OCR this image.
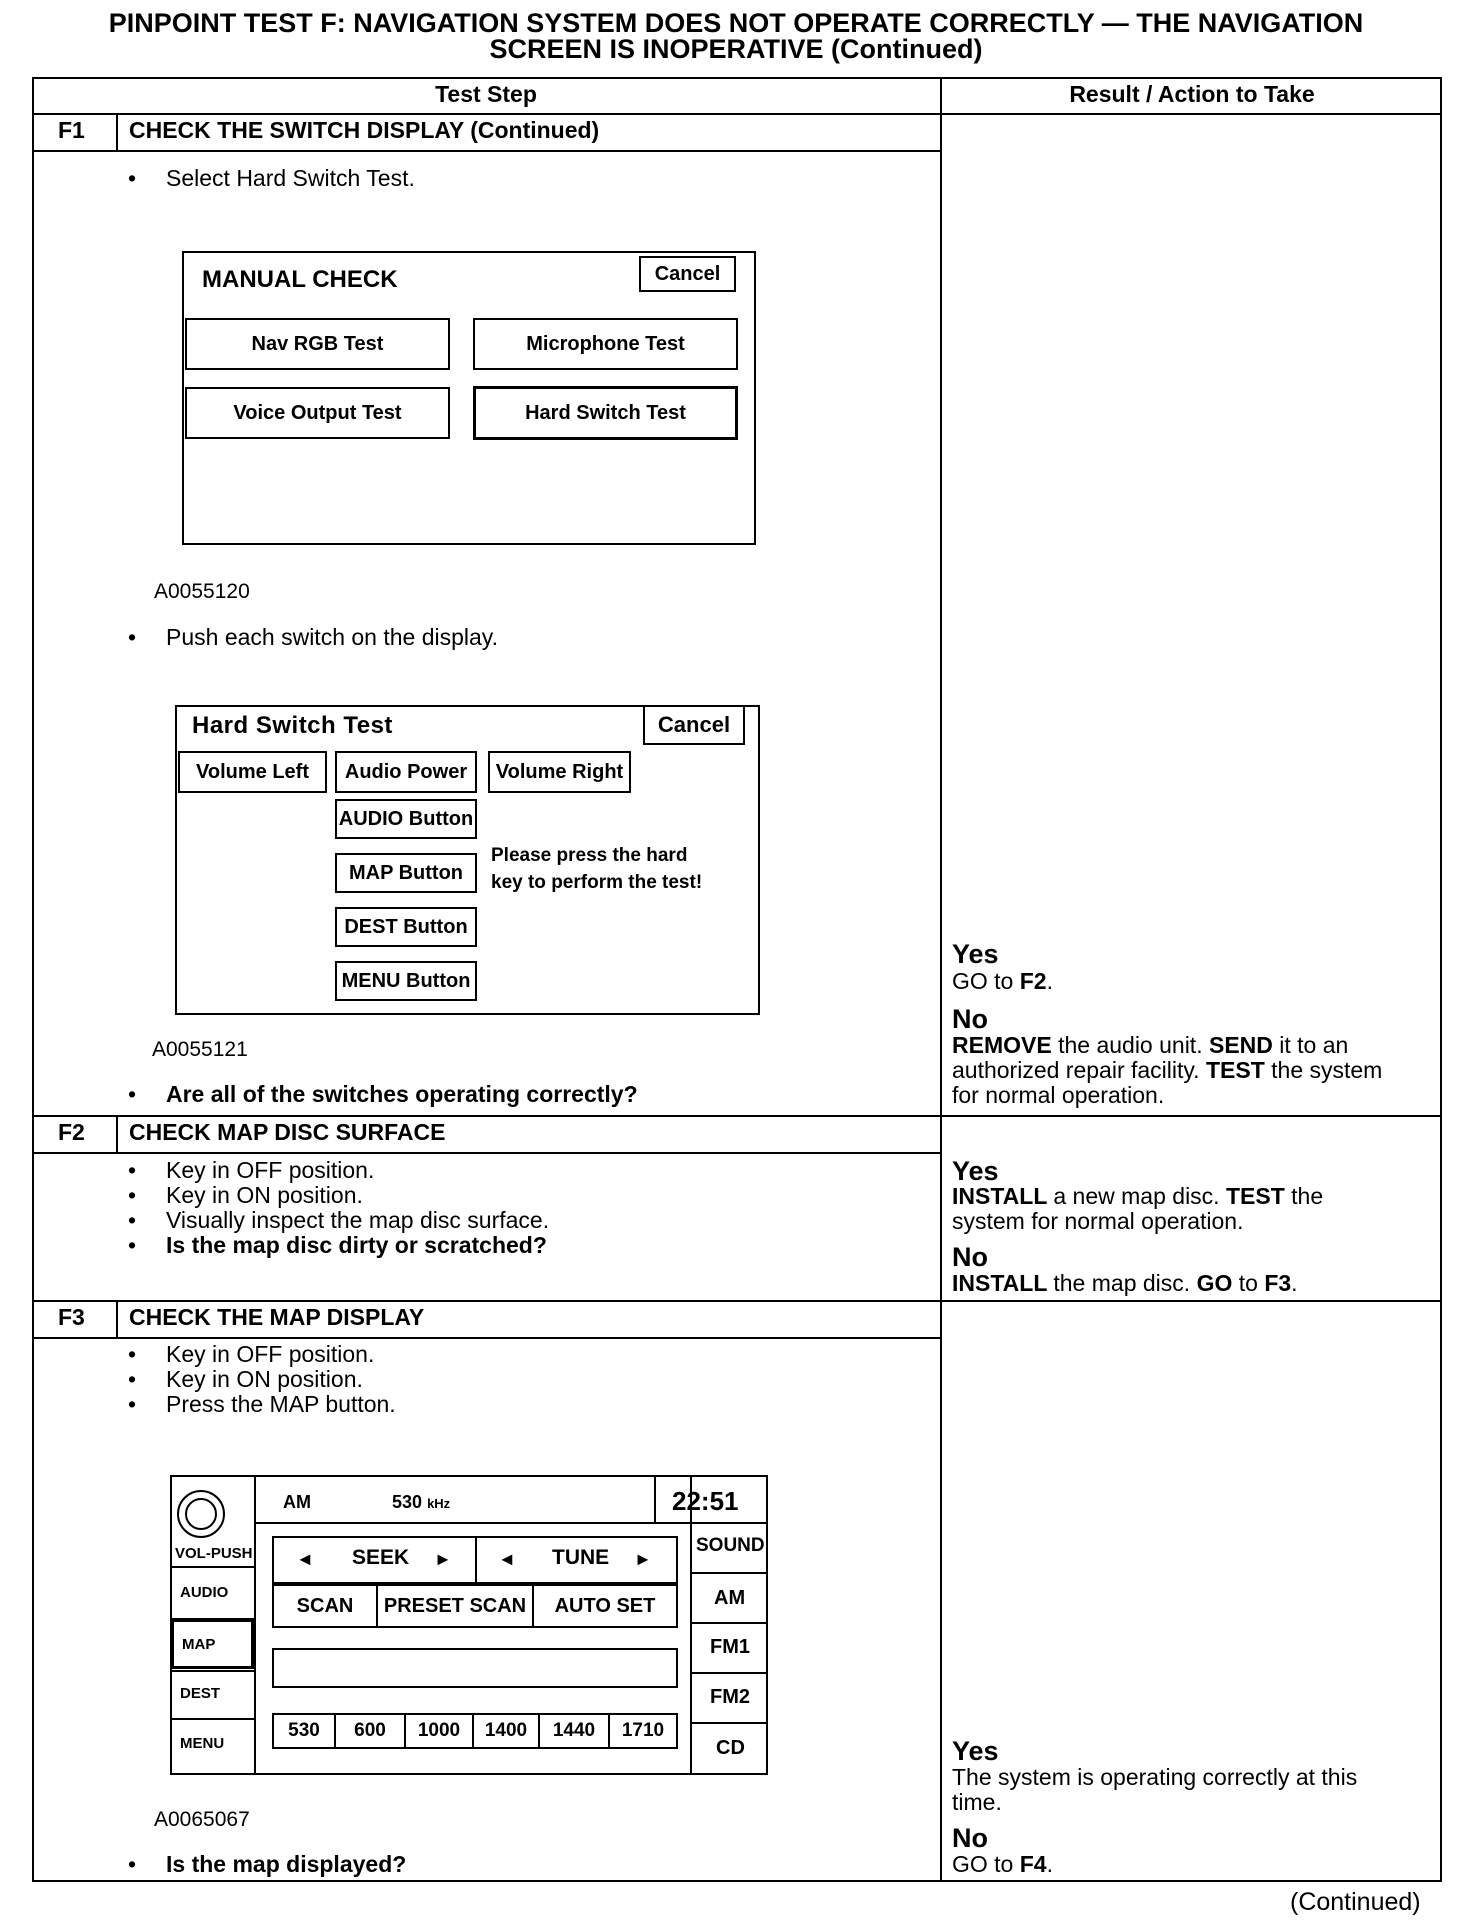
PINPOINT TEST F: NAVIGATION SYSTEM DOES NOT OPERATE CORRECTLY — THE NAVIGATION
SCREEN IS INOPERATIVE (Continued)
Test Step	Result / Action to Take
F1 CHECK THE SWITCH DISPLAY (Continued)
• Select Hard Switch Test.
MANUAL CHECK	Cancel
Nav RGB Test	Microphone Test
Voice Output Test	Hard Switch Test
A0055120
• Push each switch on the display.
Hard Switch Test	Cancel
Volume Left	Audio Power	Volume Right
AUDIO Button
MAP Button
DEST Button
MENU Button
Please press the hard
key to perform the test!
A0055121
• Are all of the switches operating correctly?
Yes
GO to F2.
No
REMOVE the audio unit. SEND it to an
authorized repair facility. TEST the system
for normal operation.
F2 CHECK MAP DISC SURFACE
• Key in OFF position.
• Key in ON position.
• Visually inspect the map disc surface.
• Is the map disc dirty or scratched?
Yes
INSTALL a new map disc. TEST the
system for normal operation.
No
INSTALL the map disc. GO to F3.
F3 CHECK THE MAP DISPLAY
• Key in OFF position.
• Key in ON position.
• Press the MAP button.
VOL-PUSH
AUDIO
MAP
DEST
MENU
AM	530 kHz	22:51
◄ SEEK ►	◄ TUNE ►
SCAN	PRESET SCAN	AUTO SET
530	600	1000	1400	1440	1710
SOUND
AM
FM1
FM2
CD
A0065067
• Is the map displayed?
Yes
The system is operating correctly at this
time.
No
GO to F4.
(Continued)
